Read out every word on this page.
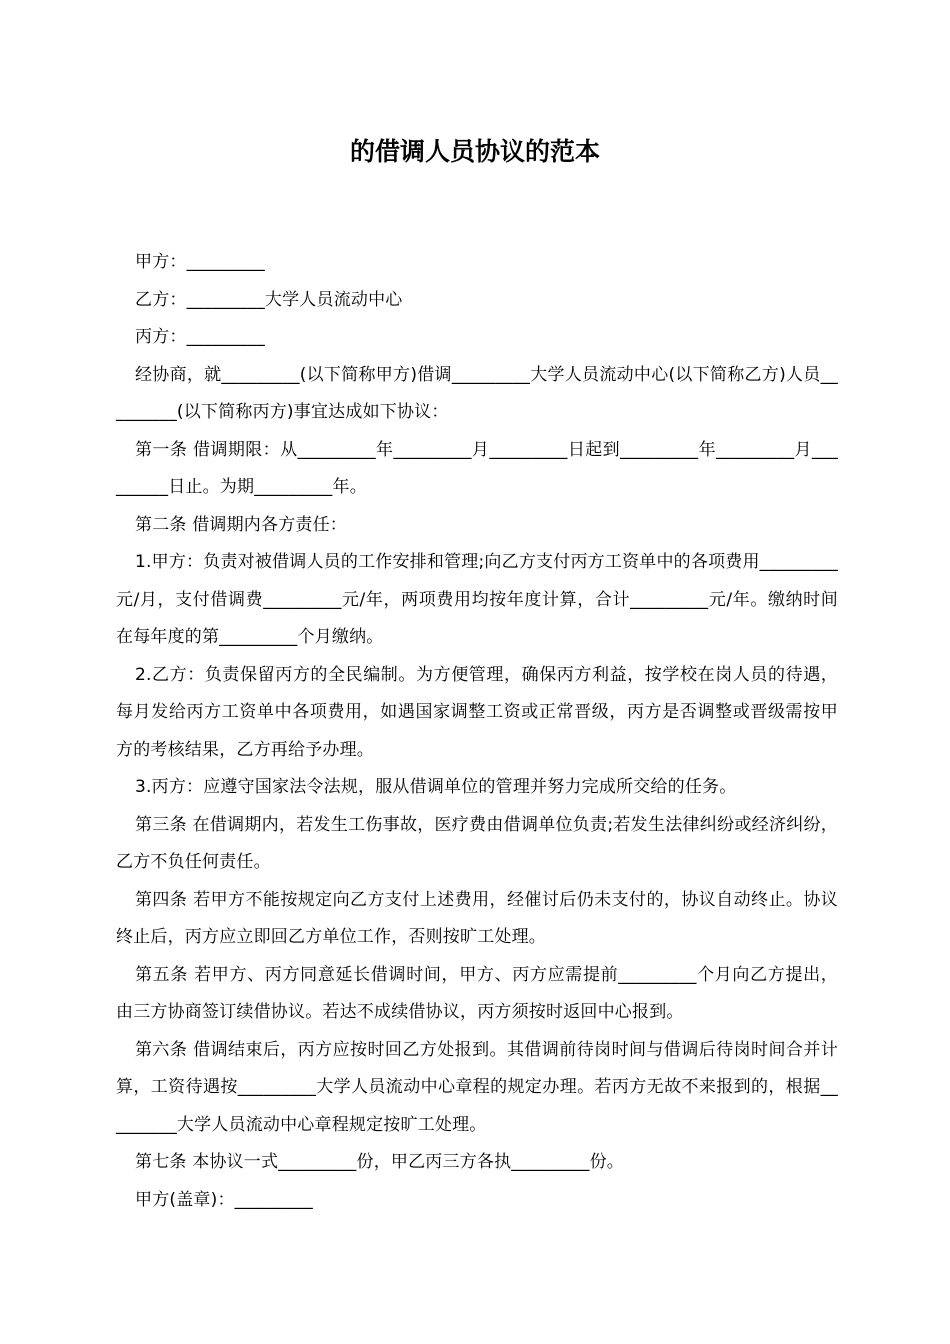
的借调人员协议的范本

甲方：_________

乙方：_________大学人员流动中心

丙方：_________

经协商，就_________(以下简称甲方)借调_________大学人员流动中心(以下简称乙方)人员_________(以下简称丙方)事宜达成如下协议：

第一条 借调期限：从_________年_________月_________日起到_________年_________月_________日止。为期_________年。

第二条 借调期内各方责任：

1.甲方：负责对被借调人员的工作安排和管理;向乙方支付丙方工资单中的各项费用_________元/月，支付借调费_________元/年，两项费用均按年度计算，合计_________元/年。缴纳时间在每年度的第_________个月缴纳。

2.乙方：负责保留丙方的全民编制。为方便管理，确保丙方利益，按学校在岗人员的待遇，每月发给丙方工资单中各项费用，如遇国家调整工资或正常晋级，丙方是否调整或晋级需按甲方的考核结果，乙方再给予办理。

3.丙方：应遵守国家法令法规，服从借调单位的管理并努力完成所交给的任务。

第三条 在借调期内，若发生工伤事故，医疗费由借调单位负责;若发生法律纠纷或经济纠纷，乙方不负任何责任。

第四条 若甲方不能按规定向乙方支付上述费用，经催讨后仍未支付的，协议自动终止。协议终止后，丙方应立即回乙方单位工作，否则按旷工处理。

第五条 若甲方、丙方同意延长借调时间，甲方、丙方应需提前_________个月向乙方提出，由三方协商签订续借协议。若达不成续借协议，丙方须按时返回中心报到。

第六条 借调结束后，丙方应按时回乙方处报到。其借调前待岗时间与借调后待岗时间合并计算，工资待遇按_________大学人员流动中心章程的规定办理。若丙方无故不来报到的，根据_________大学人员流动中心章程规定按旷工处理。

第七条 本协议一式_________份，甲乙丙三方各执_________份。

甲方(盖章)：_________
